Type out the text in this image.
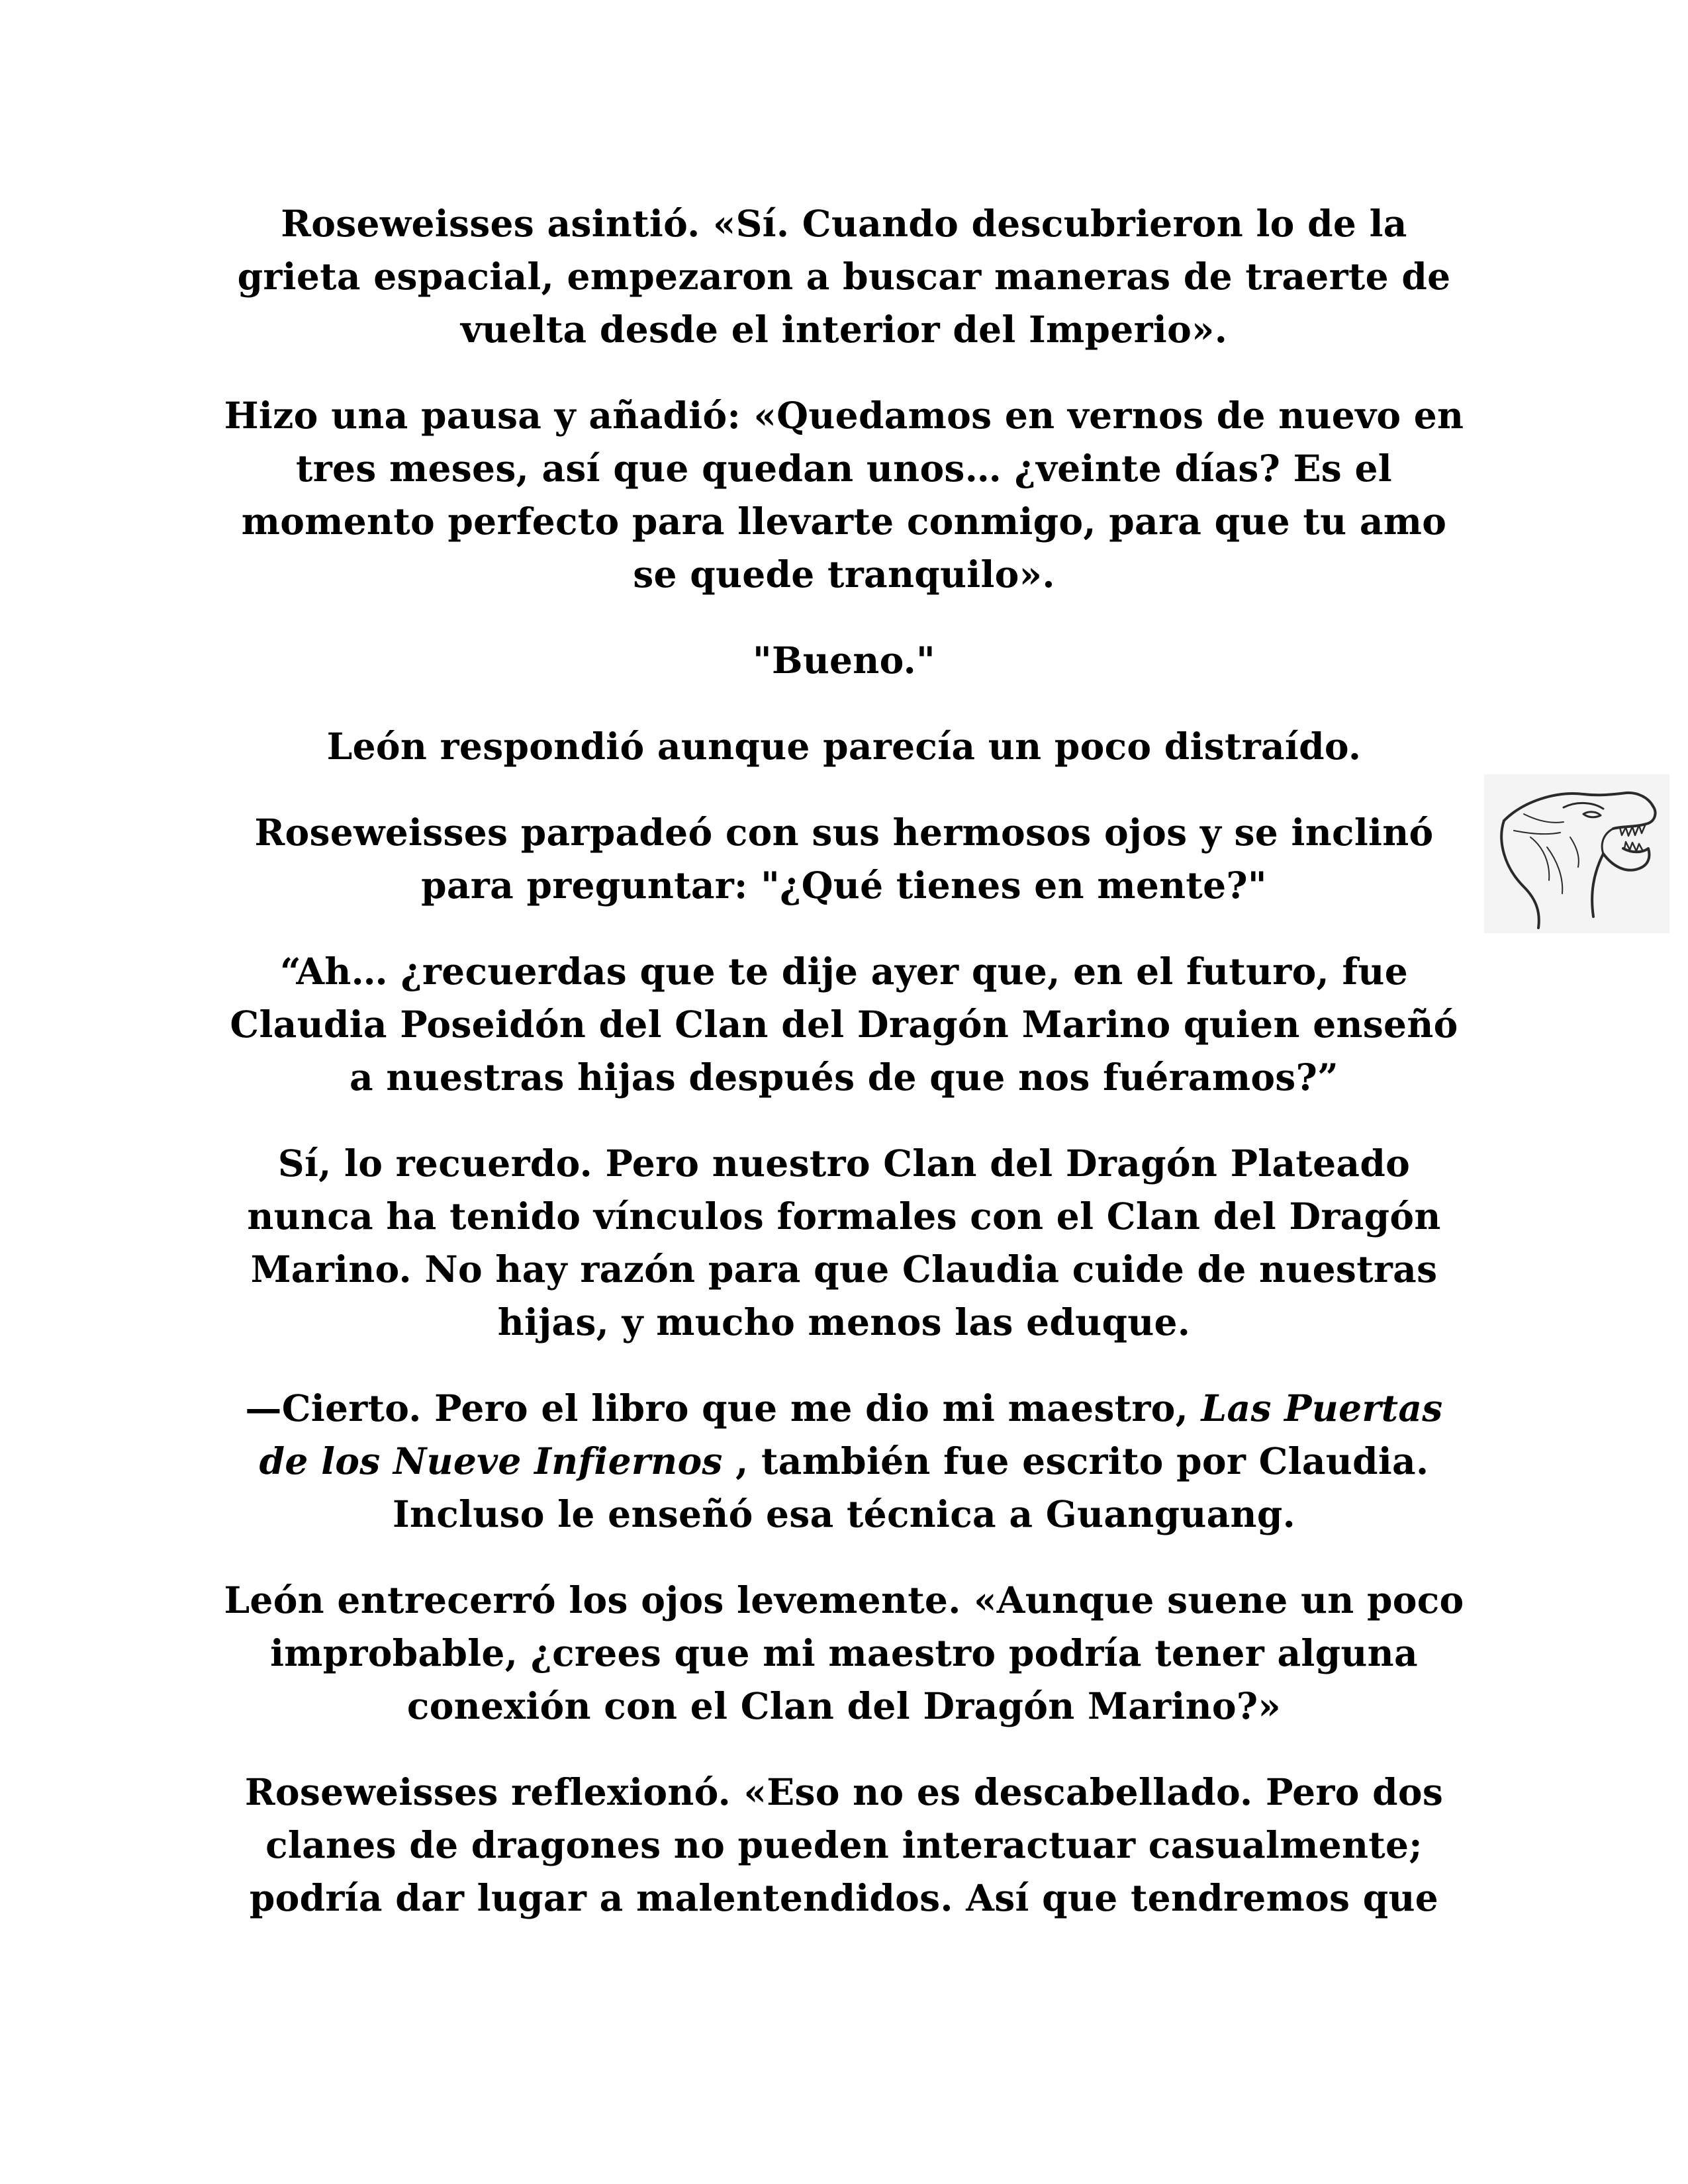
Roseweisses asintió. «Sí. Cuando descubrieron lo de la grieta espacial, empezaron a buscar maneras de traerte de vuelta desde el interior del Imperio».

Hizo una pausa y añadió: «Quedamos en vernos de nuevo en tres meses, así que quedan unos… ¿veinte días? Es el momento perfecto para llevarte conmigo, para que tu amo se quede tranquilo».

"Bueno."

León respondió aunque parecía un poco distraído.

Roseweisses parpadeó con sus hermosos ojos y se inclinó para preguntar: "¿Qué tienes en mente?"

“Ah… ¿recuerdas que te dije ayer que, en el futuro, fue Claudia Poseidón del Clan del Dragón Marino quien enseñó a nuestras hijas después de que nos fuéramos?”

Sí, lo recuerdo. Pero nuestro Clan del Dragón Plateado nunca ha tenido vínculos formales con el Clan del Dragón Marino. No hay razón para que Claudia cuide de nuestras hijas, y mucho menos las eduque.

—Cierto. Pero el libro que me dio mi maestro, Las Puertas de los Nueve Infiernos , también fue escrito por Claudia. Incluso le enseñó esa técnica a Guanguang.

León entrecerró los ojos levemente. «Aunque suene un poco improbable, ¿crees que mi maestro podría tener alguna conexión con el Clan del Dragón Marino?»

Roseweisses reflexionó. «Eso no es descabellado. Pero dos clanes de dragones no pueden interactuar casualmente; podría dar lugar a malentendidos. Así que tendremos que
